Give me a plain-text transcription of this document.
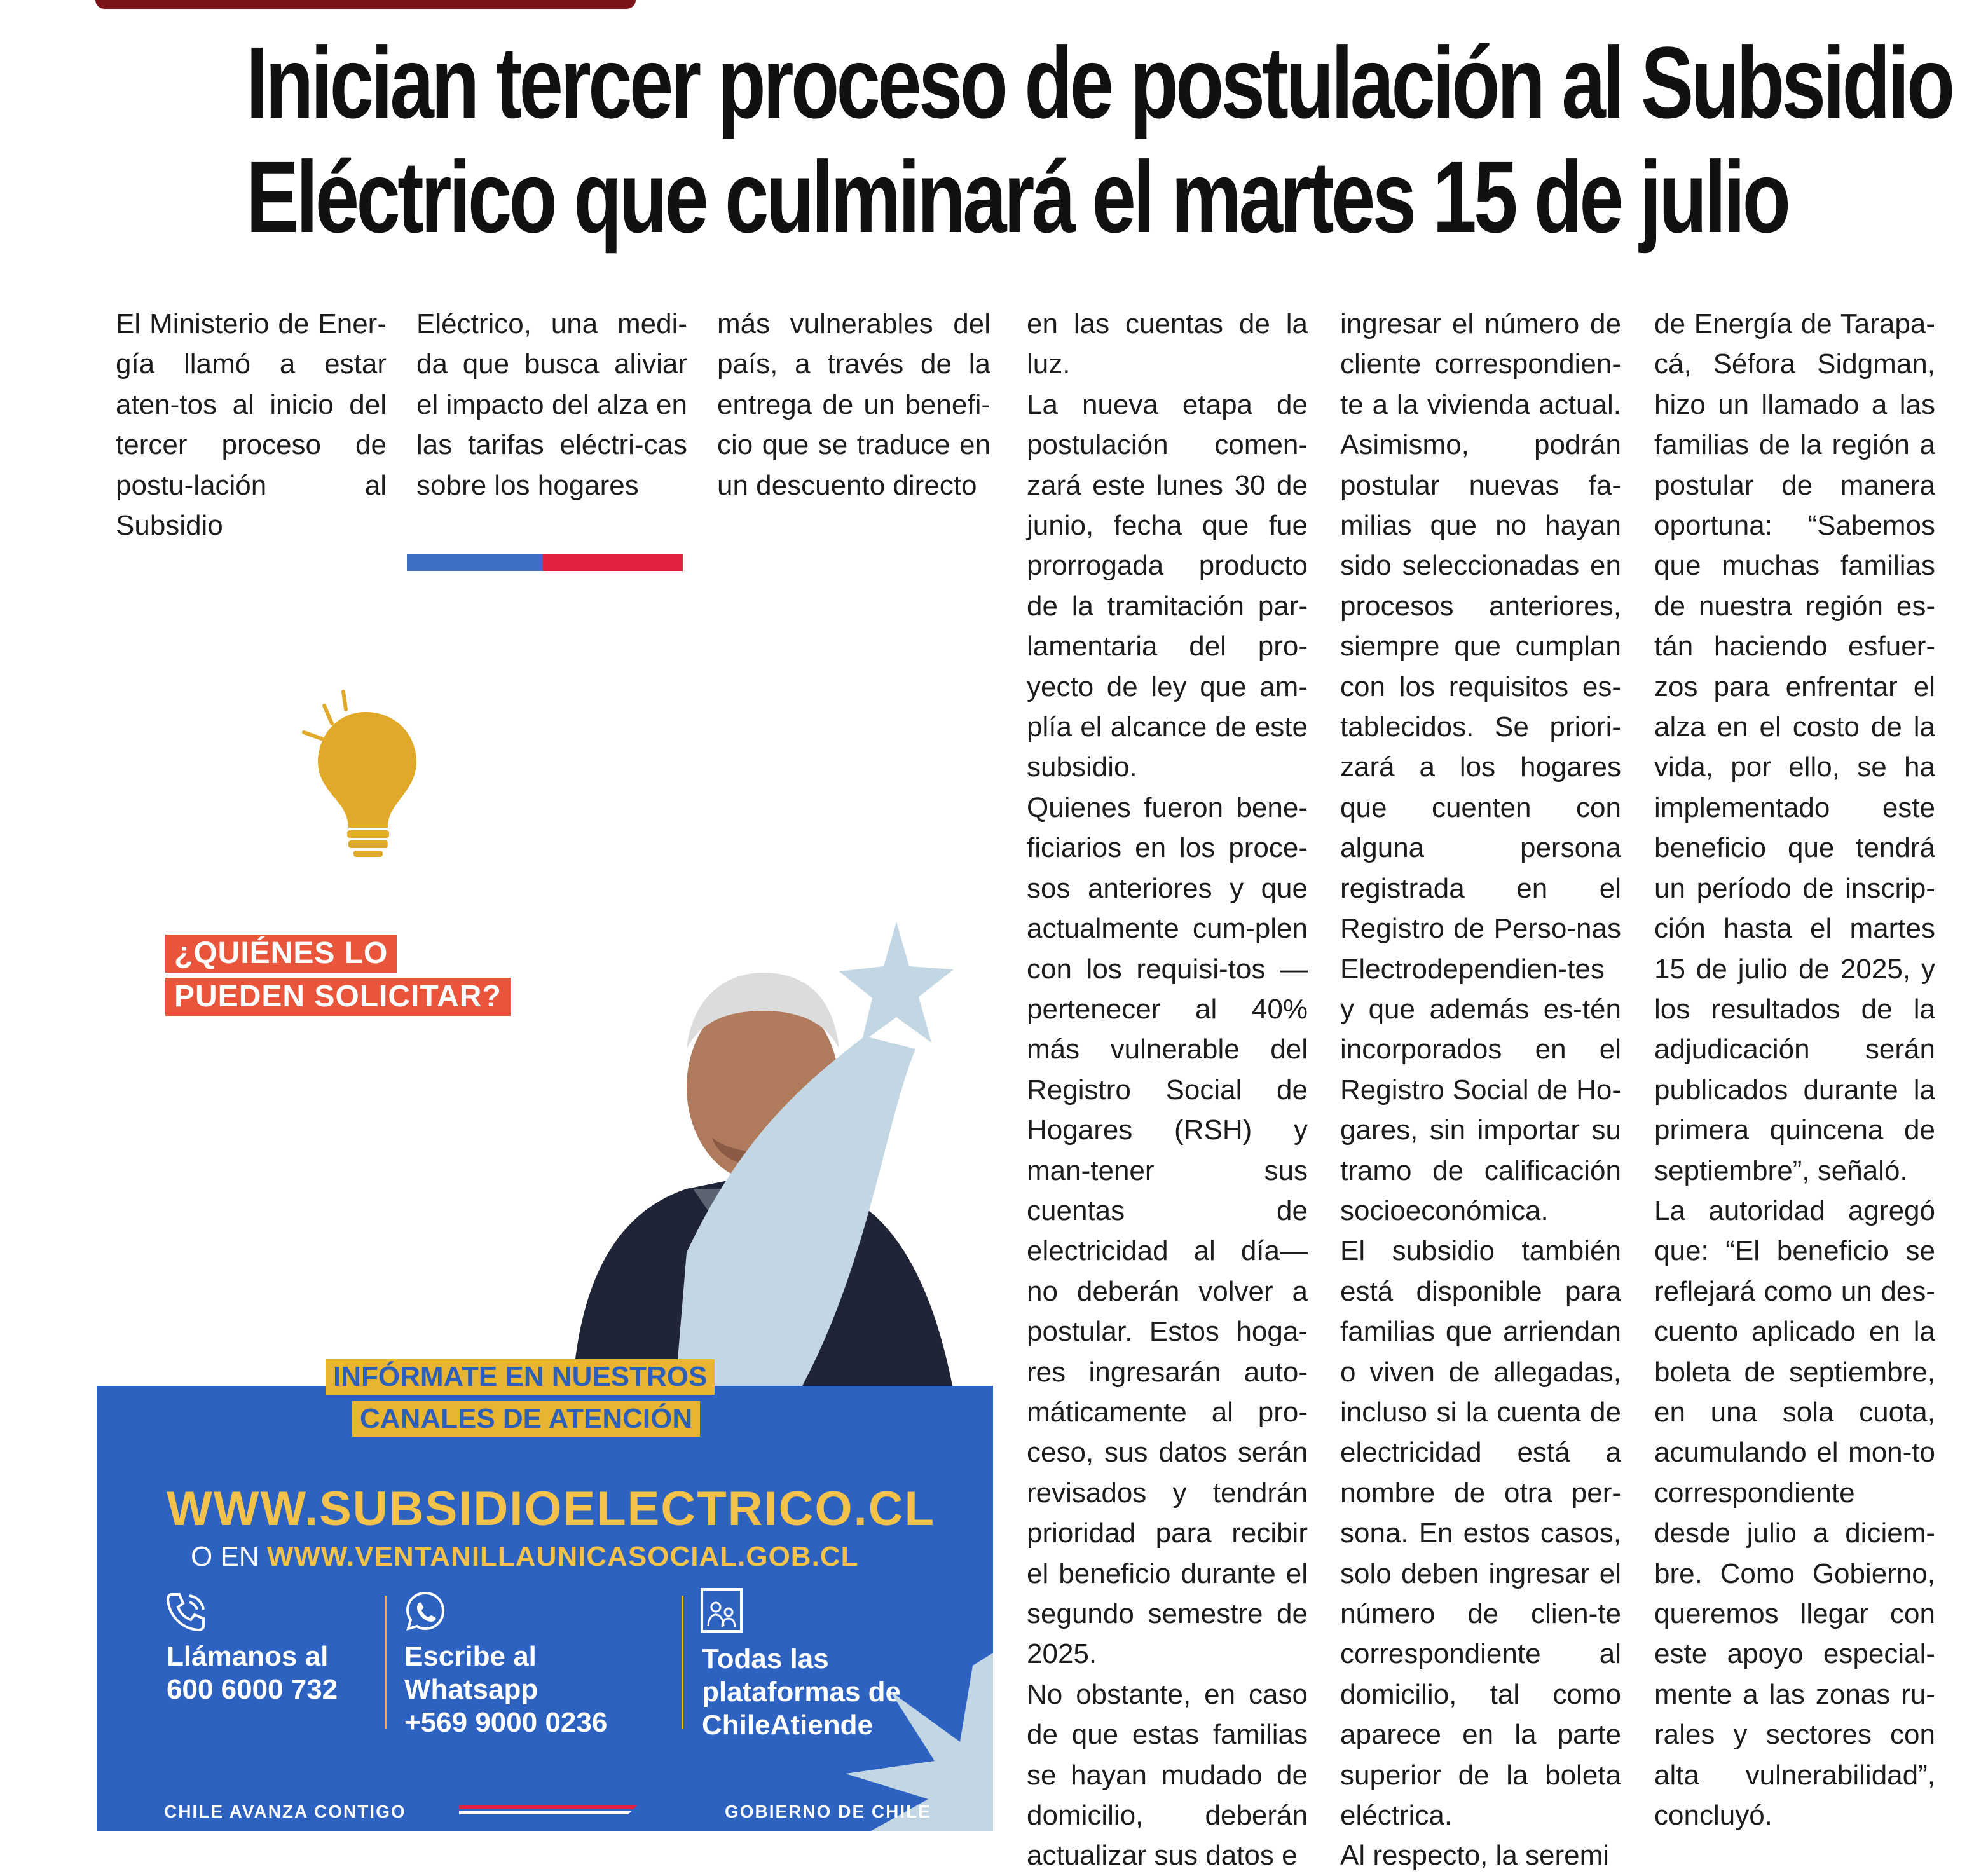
Inician tercer proceso de postulación al Subsidio
Eléctrico que culminará el martes 15 de julio

El Ministerio de Ener-gía llamó a estar aten-tos al inicio del tercer proceso de postu-lación al Subsidio

Eléctrico, una medi-da que busca aliviar el impacto del alza en las tarifas eléctri-cas sobre los hogares

más vulnerables del país, a través de la entrega de un benefi-cio que se traduce en un descuento directo

en las cuentas de la luz.

La nueva etapa de postulación comen-zará este lunes 30 de junio, fecha que fue prorrogada producto de la tramitación par-lamentaria del pro-yecto de ley que am-plía el alcance de este subsidio.

Quienes fueron bene-ficiarios en los proce-sos anteriores y que actualmente cum-plen con los requisi-tos —pertenecer al 40% más vulnerable del Registro Social de Hogares (RSH) y man-tener sus cuentas de electricidad al día— no deberán volver a postular. Estos hoga-res ingresarán auto-máticamente al pro-ceso, sus datos serán revisados y tendrán prioridad para recibir el beneficio durante el segundo semestre de 2025.

No obstante, en caso de que estas familias se hayan mudado de domicilio, deberán actualizar sus datos e

ingresar el número de cliente correspondien-te a la vivienda actual. Asimismo, podrán postular nuevas fa-milias que no hayan sido seleccionadas en procesos anteriores, siempre que cumplan con los requisitos es-tablecidos. Se priori-zará a los hogares que cuenten con alguna persona registrada en el Registro de Perso-nas Electrodependien-tes y que además es-tén incorporados en el Registro Social de Ho-gares, sin importar su tramo de calificación socioeconómica.

El subsidio también está disponible para familias que arriendan o viven de allegadas, incluso si la cuenta de electricidad está a nombre de otra per-sona. En estos casos, solo deben ingresar el número de clien-te correspondiente al domicilio, tal como aparece en la parte superior de la boleta eléctrica.

Al respecto, la seremi

de Energía de Tarapa-cá, Séfora Sidgman, hizo un llamado a las familias de la región a postular de manera oportuna: “Sabemos que muchas familias de nuestra región es-tán haciendo esfuer-zos para enfrentar el alza en el costo de la vida, por ello, se ha implementado este beneficio que tendrá un período de inscrip-ción hasta el martes 15 de julio de 2025, y los resultados de la adjudicación serán publicados durante la primera quincena de septiembre”, señaló.

La autoridad agregó que: “El beneficio se reflejará como un des-cuento aplicado en la boleta de septiembre, en una sola cuota, acumulando el mon-to correspondiente desde julio a diciem-bre. Como Gobierno, queremos llegar con este apoyo especial-mente a las zonas ru-rales y sectores con alta vulnerabilidad”, concluyó.

¿QUIÉNES LO
PUEDEN SOLICITAR?
INFÓRMATE EN NUESTROS
CANALES DE ATENCIÓN
WWW.SUBSIDIOELECTRICO.CL
O EN WWW.VENTANILLAUNICASOCIAL.GOB.CL
Llámanos al
600 6000 732
Escribe al
Whatsapp
+569 9000 0236
Todas las
plataformas de
ChileAtiende
CHILE AVANZA CONTIGO	GOBIERNO DE CHILE
